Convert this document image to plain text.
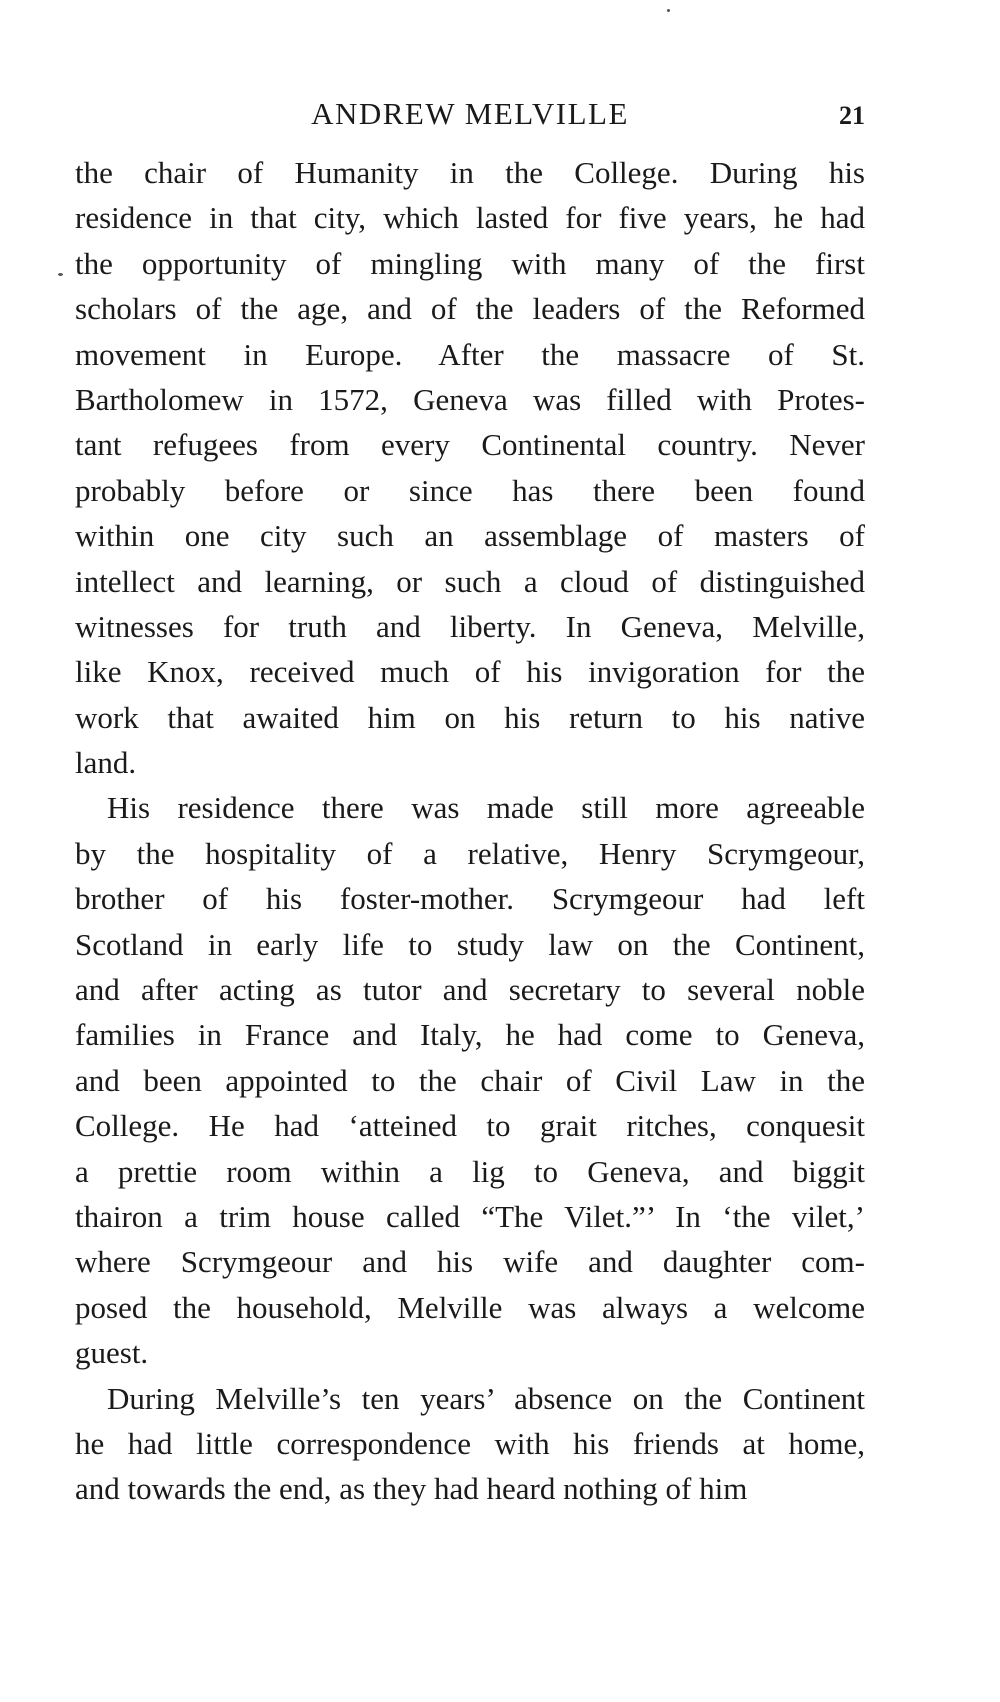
ANDREW MELVILLE	21
the chair of Humanity in the College. During his
residence in that city, which lasted for five years, he had
the opportunity of mingling with many of the first
scholars of the age, and of the leaders of the Reformed
movement in Europe. After the massacre of St.
Bartholomew in 1572, Geneva was filled with Protes-
tant refugees from every Continental country. Never
probably before or since has there been found
within one city such an assemblage of masters of
intellect and learning, or such a cloud of distinguished
witnesses for truth and liberty. In Geneva, Melville,
like Knox, received much of his invigoration for the
work that awaited him on his return to his native
land.
His residence there was made still more agreeable
by the hospitality of a relative, Henry Scrymgeour,
brother of his foster-mother. Scrymgeour had left
Scotland in early life to study law on the Continent,
and after acting as tutor and secretary to several noble
families in France and Italy, he had come to Geneva,
and been appointed to the chair of Civil Law in the
College. He had ‘atteined to grait ritches, conquesit
a prettie room within a lig to Geneva, and biggit
thairon a trim house called “The Vilet.”’ In ‘the vilet,’
where Scrymgeour and his wife and daughter com-
posed the household, Melville was always a welcome
guest.
During Melville’s ten years’ absence on the Continent
he had little correspondence with his friends at home,
and towards the end, as they had heard nothing of him
